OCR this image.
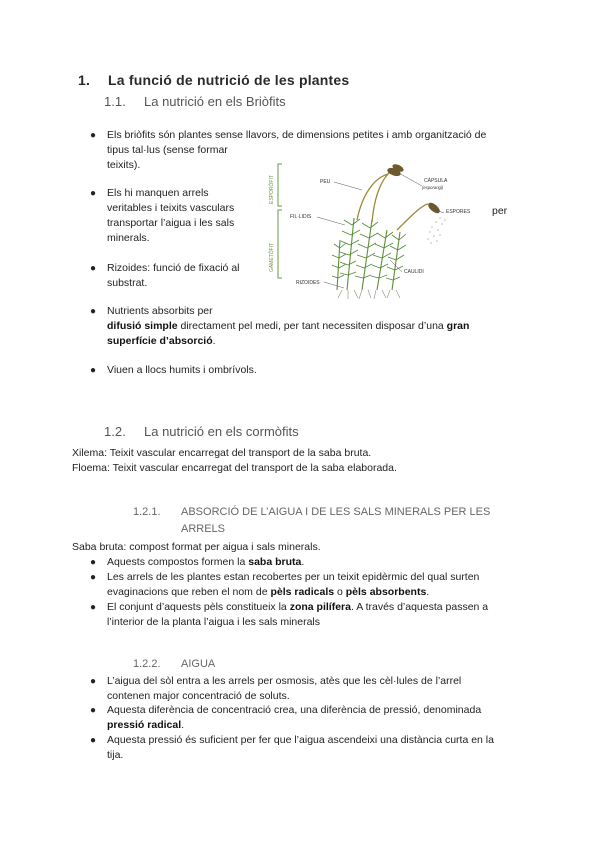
1. La funció de nutrició de les plantes
1.1. La nutrició en els Briòfits
● Els briòfits són plantes sense llavors, de dimensions petites i amb organització de
tipus tal·lus (sense formar
teixits).
● Els hi manquen arrels
veritables i teixits vasculars
transportar l’aigua i les sals
minerals.
per
● Rizoides: funció de fixació al
substrat.
● Nutrients absorbits per
difusió simple directament pel medi, per tant necessiten disposar d’una gran
superfície d’absorció.
● Viuen a llocs humits i ombrívols.
ESPORÒFIT
GAMETÒFIT
PEU	CÀPSULA
(esporangi)
ESPORES
FIL·LIDIS
CAULIDI
RIZOIDES
1.2. La nutrició en els cormòfits
Xilema: Teixit vascular encarregat del transport de la saba bruta.
Floema: Teixit vascular encarregat del transport de la saba elaborada.
1.2.1. ABSORCIÓ DE L’AIGUA I DE LES SALS MINERALS PER LES
ARRELS
Saba bruta: compost format per aigua i sals minerals.
● Aquests compostos formen la saba bruta.
● Les arrels de les plantes estan recobertes per un teixit epidèrmic del qual surten
evaginacions que reben el nom de pèls radicals o pèls absorbents.
● El conjunt d’aquests pèls constitueix la zona pilífera. A través d’aquesta passen a
l’interior de la planta l’aigua i les sals minerals
1.2.2. AIGUA
● L’aigua del sòl entra a les arrels per osmosis, atès que les cèl·lules de l’arrel
contenen major concentració de soluts.
● Aquesta diferència de concentració crea, una diferència de pressió, denominada
pressió radical.
● Aquesta pressió és suficient per fer que l’aigua ascendeixi una distància curta en la
tija.
